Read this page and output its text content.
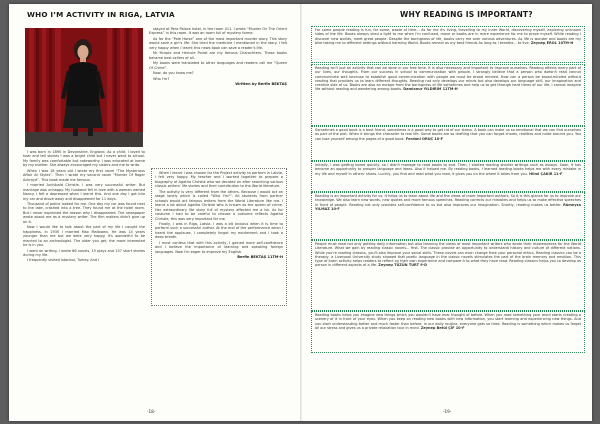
WHO I’M ACTIVITY IN RIGA, LATVIA

stayed at Pera Palace hotel, in the room 411. I wrote “Murder On The Orient Express” in this room. It was an room full of mystery forme.

As for the “Pale Horse” one of the most important murder story. This story would save a girl's life. She tried the medicine I mentioned in the story. I felt very happy when I learnt this news book can save a reader's life.

Mr Murple and Hercule Poirot are my famous Charachters. These books became best sellers of all.

My books were translated to other languages and readers call me “Queen Of Crime”.

Now, do you know me?

Who I'm?

Written by Berfin BEKTAŞ

I was born in 1890 in Devonshire, England. As a child, I loved to hear and tell stories I was a bright child but I never went to school. My family was comfortable but noteworthy. I was educated at home by my mother. She always encouraged my sisters and me to write.

When I was 18 years old I wrote my first novel “The Mysterious Affair At Styles”. Then I wrote my second novel “Murder Of Roger Ackroyd”. This book made me famous.

I married Archibald Christie. I was very successful writer. But marriage was unhappy. My husband fell in love with a woman named Nancy. I felt a depressed when I learnt this. And one day I got into my car and drove away and disappeared for 11 days.

Thousand of police looked for me. One day my car was found next to the lake, crashed into a tree. They found me at the hotel room. But I never explained the reason why I disappeared. The newspaper wrote about me as a mystery writer. The film makers didn't give up on it.

Now I would like to talk about the part of my life I caught the happiness. In 1930 I married Max Mallowan. He was 14 years younger than me but we were very happy. It's wonderful to be married to an archeologist. The older you get, the more interested he is in you.

I went on writing. I wrote 66 novels, 15 plays and 157 short stories during my life.

I frequently visited Istanbul, Turkey. And I

When I learnt I was chosen for the Project activity to perform in Latvia, I felt very happy. My teacher and I worked together to prepare a biography of Agatha Christie who we decided on after searching various classic writers' life stories and their contribution to the World literature.

The activity is very different from the others. Because I would act on stage lonely which is called “Who I'm?”. All students from partner schools would act famous writers from the World Literature like me. I learnt a lot about Agatha Christie who is known as the queen of crime. Her extraordinary life story full of mystery affected me a lot. As for costume I had to be careful to choose a costume reflects Agatha Christie, this was very important for me.

Finally, I was in Riga, Latvia. I was a bit anxious when it is time to perform such a successful author. At the end of the performance when I heard the applause, I completely forgot my excitement and I took a deep breath.

I must confess that with this activity, I gained more self-confidence and I believe the importance of learning and speaking foreign languages. Now I'm eager to improve my English.

Berfin BEKTAŞ 11TM-H
-18-
WHY READING IS IMPORTANT?

For some people reading is fun, for some, waste of time... As for me it's living, travelling to my inner World, discovering myself, exploring unknown sides of the life. Books always shed a light to me when I'm confused, move or books are in mere experience for me to prove myself. While reading I discover new worlds, meet great people. Despite the boringness of life, books carry me over various adventures. As life is wonder and books are my bike taking me to different settings without harming World. Books remain as my best friends As long as I breathe... to live. Zeynep EROL 10TM-H

Reading isn't just an activity that can be done in our free time. It is also necessary and important to improve ourselves. Reading affects every part of our lives, our thoughts. From our success in school to communication with people. I strongly believe that a person who doesn't read cannot communicate well because to establish good communication with people we must be broad minded. How can a person be broad-minded without reading that provides us to learn different thoughts. Reading not only develops our minds but also develops our language skill, our imagination and creative side of us. Books are also an escape from the boringness of life sometimes and help us to get through hard times of our life. I cannot imagine life without reading and wandering among books. Damlanur YILDIRIM 11TM-H

Sometimes a good book is a best friend, sometimes is a good way to get rid of our stress. A book can make us so emotional that we can find ourselves as part of the plot. When it brings the character to real life. Some books are so drafting that you can forget chores, realities and noise around you. You can lose yourself among the pages of a good book. Ferdani ORUÇ 10-F

Initially, I was getting bored quickly, so I didn't manage to read books to end. Then, I started reading shorter writings such as essays. Soon, it has become an opportunity to prosper language and ideas. Also it helped me. By reading books, I learned reading books helps me with every mistake in my life and myself in others' shoes. Luckily, you find and read what you read, it gives you on the wheel it takes from you. Hilmi ÇAKIR 11-F

Reading is an important activity for us. It helps us to learn about life and the views of more important authors. So it is this glance for us to improve our knowledge. We also learn new words, new quotes and more famous speeches. Reading corrects our mistakes and helps us to make effective speeches in front of people. Reading not only provides self-confidence to us but also improves our imagination. Shortly, reading makes us better. Rümeysa YILMAZ 10-F

People must read not only getting daily information but also learning the views of most important writers who wrote their masterpieces for the World Literature. What we gain by reading classic novels... first. The classic provide an opportunity to understand history and culture of different nations. While you're reading classics, you'll also improve your social skills. These novels can even change thee your personal ethics. Reading classics can be a therapy, a Liverpool University study showed that poetic language in the classic novels stimulates the part of the brain memory and emotion. This type of brain activity helps readers to reflect on their own experience and compare it to what they have read. Reading classics helps you to develop as person in different aspects of a life. Zeynep TÜZÜN TURT 9-D

Reading books helps you imagine new things which you wouldn't have ever thought of before. When you read something your mind starts creating a scenery of it in front of your eyes. When you keep on reading new books with new information, you start learning and experiencing new things. And you start understanding better and much faster than before. In our daily routine, everyone gets so tired. Reading is something which makes us forget all our stress and gives us a private relaxation tour in mind. Zeynep Betül ÇİF 10-F

-19-
